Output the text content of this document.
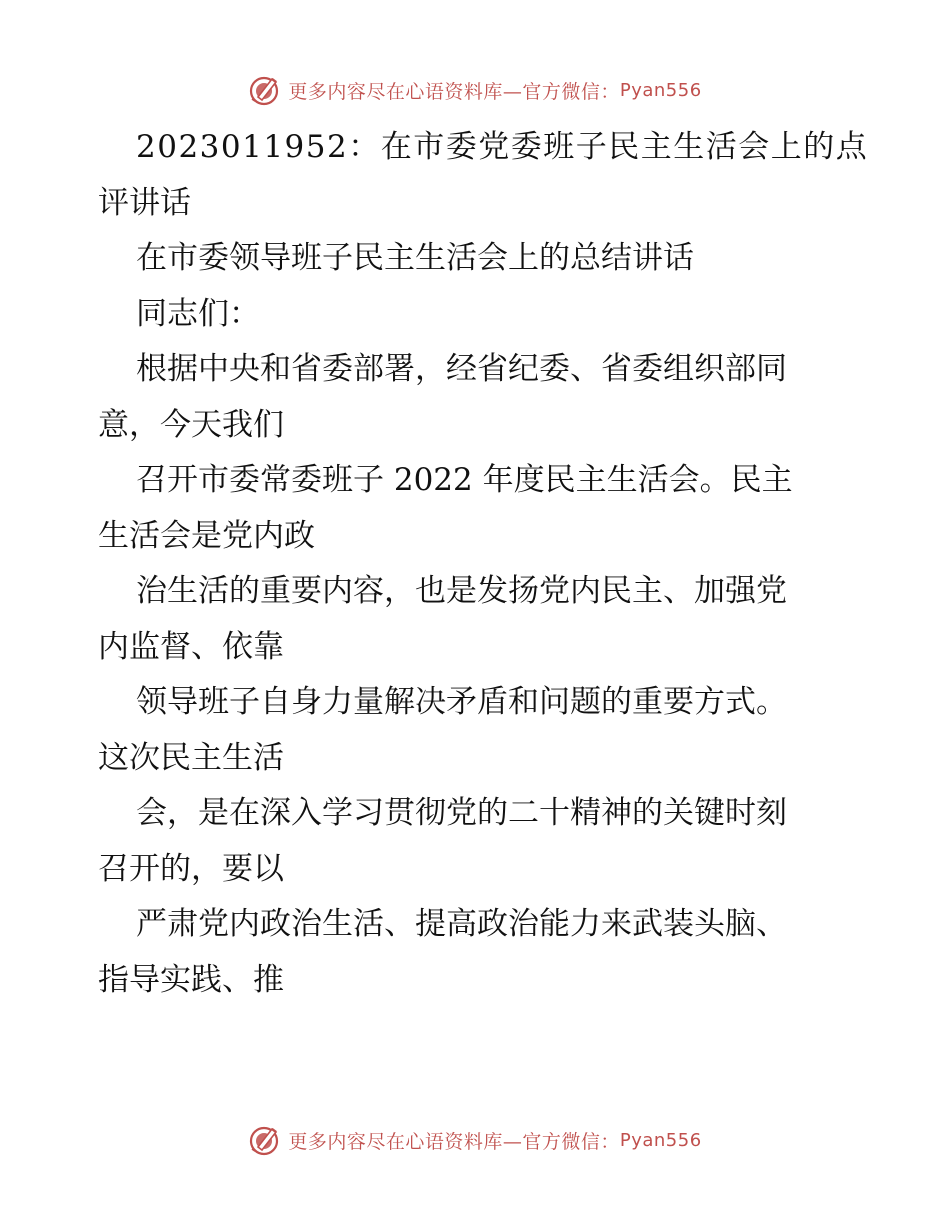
更多内容尽在心语资料库—官方微信： Pyan556
2023011952：在市委党委班子民主生活会上的点
评讲话
在市委领导班子民主生活会上的总结讲话
同志们：
根据中央和省委部署，经省纪委、省委组织部同
意，今天我们
召开市委常委班子 2022 年度民主生活会。民主
生活会是党内政
治生活的重要内容，也是发扬党内民主、加强党
内监督、依靠
领导班子自身力量解决矛盾和问题的重要方式。
这次民主生活
会，是在深入学习贯彻党的二十精神的关键时刻
召开的，要以
严肃党内政治生活、提高政治能力来武装头脑、
指导实践、推
更多内容尽在心语资料库—官方微信： Pyan556
